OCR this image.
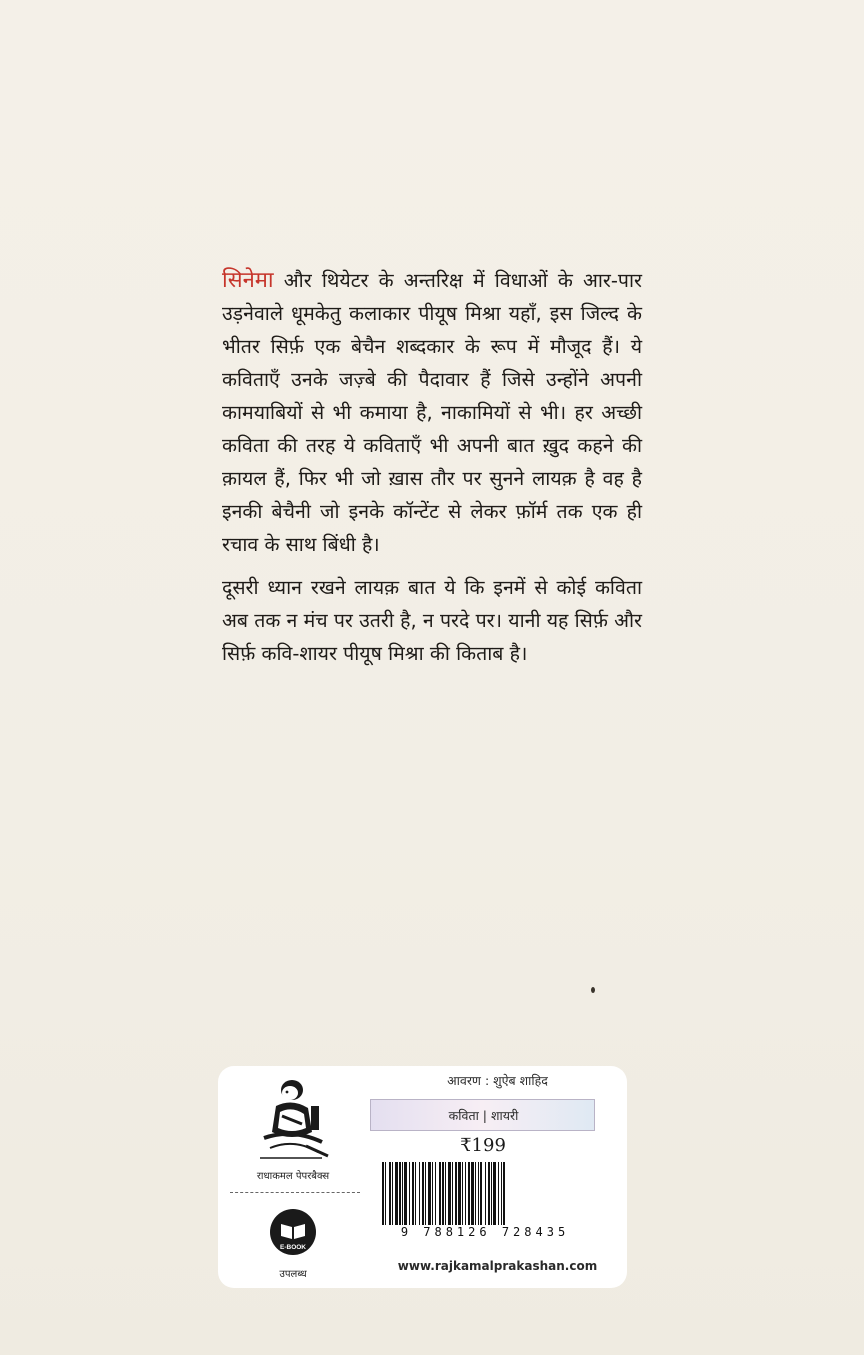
सिनेमा और थियेटर के अन्तरिक्ष में विधाओं के आर-पार उड़नेवाले धूमकेतु कलाकार पीयूष मिश्रा यहाँ, इस जिल्द के भीतर सिर्फ़ एक बेचैन शब्दकार के रूप में मौजूद हैं। ये कविताएँ उनके जज़्बे की पैदावार हैं जिसे उन्होंने अपनी कामयाबियों से भी कमाया है, नाकामियों से भी। हर अच्छी कविता की तरह ये कविताएँ भी अपनी बात ख़ुद कहने की क़ायल हैं, फिर भी जो ख़ास तौर पर सुनने लायक़ है वह है इनकी बेचैनी जो इनके कॉन्टेंट से लेकर फ़ॉर्म तक एक ही रचाव के साथ बिंधी है।

दूसरी ध्यान रखने लायक़ बात ये कि इनमें से कोई कविता अब तक न मंच पर उतरी है, न परदे पर। यानी यह सिर्फ़ और सिर्फ़ कवि-शायर पीयूष मिश्रा की किताब है।

राधाकमल पेपरबैक्स
E-BOOK
उपलब्ध
आवरण : शुऐब शाहिद
कविता | शायरी
₹199
9 788126 728435
www.rajkamalprakashan.com
